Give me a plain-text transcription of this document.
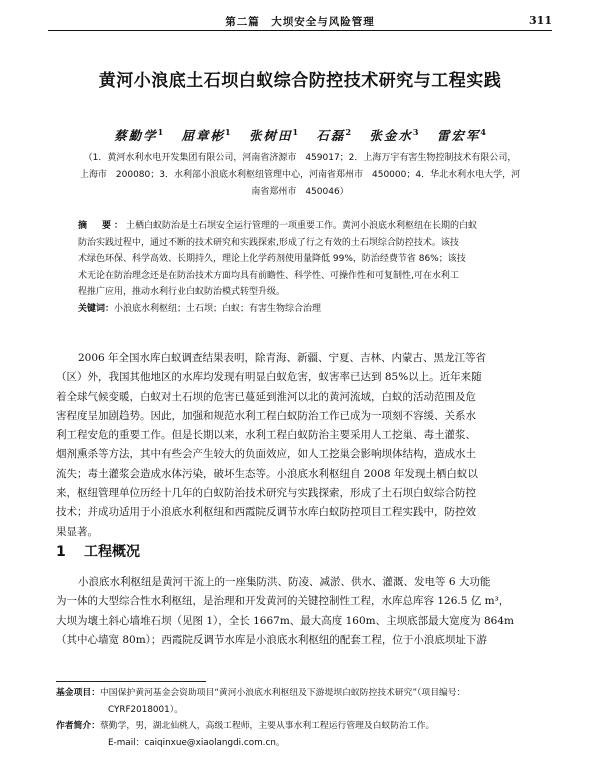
第二篇　大坝安全与风险管理	311
黄河小浪底土石坝白蚁综合防控技术研究与工程实践
蔡勤学$^1$ 屈章彬$^1$ 张树田$^1$ 石磊$^2$ 张金水$^3$ 雷宏军$^4$

（1．黄河水利水电开发集团有限公司，河南省济源市　459017；2．上海万宇有害生物控制技术有限公司，

上海市　200080；3．水利部小浪底水利枢纽管理中心，河南省郑州市　450000；4．华北水利水电大学，河

南省郑州市　450046）

摘　要：土栖白蚁防治是土石坝安全运行管理的一项重要工作。黄河小浪底水利枢纽在长期的白蚁

防治实践过程中，通过不断的技术研究和实践探索,形成了行之有效的土石坝综合防控技术。该技

术绿色环保、科学高效、长期持久，理论上化学药剂使用量降低 99%，防治经费节省 86%；该技

术无论在防治理念还是在防治技术方面均具有前瞻性、科学性、可操作性和可复制性,可在水利工

程推广应用，推动水利行业白蚁防治模式转型升级。

关键词：小浪底水利枢纽；土石坝；白蚁；有害生物综合治理

2006 年全国水库白蚁调查结果表明，除青海、新疆、宁夏、吉林、内蒙古、黑龙江等省

（区）外，我国其他地区的水库均发现有明显白蚁危害，蚁害率已达到 85%以上。近年来随

着全球气候变暖，白蚁对土石坝的危害已蔓延到淮河以北的黄河流域，白蚁的活动范围及危

害程度呈加剧趋势。因此，加强和规范水利工程白蚁防治工作已成为一项刻不容缓、关系水

利工程安危的重要工作。但是长期以来，水利工程白蚁防治主要采用人工挖巢、毒土灌浆、

烟剂熏杀等方法，其中有些会产生较大的负面效应，如人工挖巢会影响坝体结构，造成水土

流失；毒土灌浆会造成水体污染，破坏生态等。小浪底水利枢纽自 2008 年发现土栖白蚁以

来，枢纽管理单位历经十几年的白蚁防治技术研究与实践探索，形成了土石坝白蚁综合防控

技术；并成功适用于小浪底水利枢纽和西霞院反调节水库白蚁防控项目工程实践中，防控效

果显著。

1 工程概况

小浪底水利枢纽是黄河干流上的一座集防洪、防凌、减淤、供水、灌溉、发电等 6 大功能

为一体的大型综合性水利枢纽，是治理和开发黄河的关键控制性工程，水库总库容 126.5 亿 m³，

大坝为壤土斜心墙堆石坝（见图 1），全长 1667m、最大高度 160m、主坝底部最大宽度为 864m

（其中心墙宽 80m）；西霞院反调节水库是小浪底水利枢纽的配套工程，位于小浪底坝址下游

基金项目：中国保护黄河基金会资助项目“黄河小浪底水利枢纽及下游堤坝白蚁防控技术研究”（项目编号：

CYRF2018001）。

作者简介：蔡勤学，男，湖北仙桃人，高级工程师，主要从事水利工程运行管理及白蚁防治工作。

E-mail：caiqinxue@xiaolangdi.com.cn。
